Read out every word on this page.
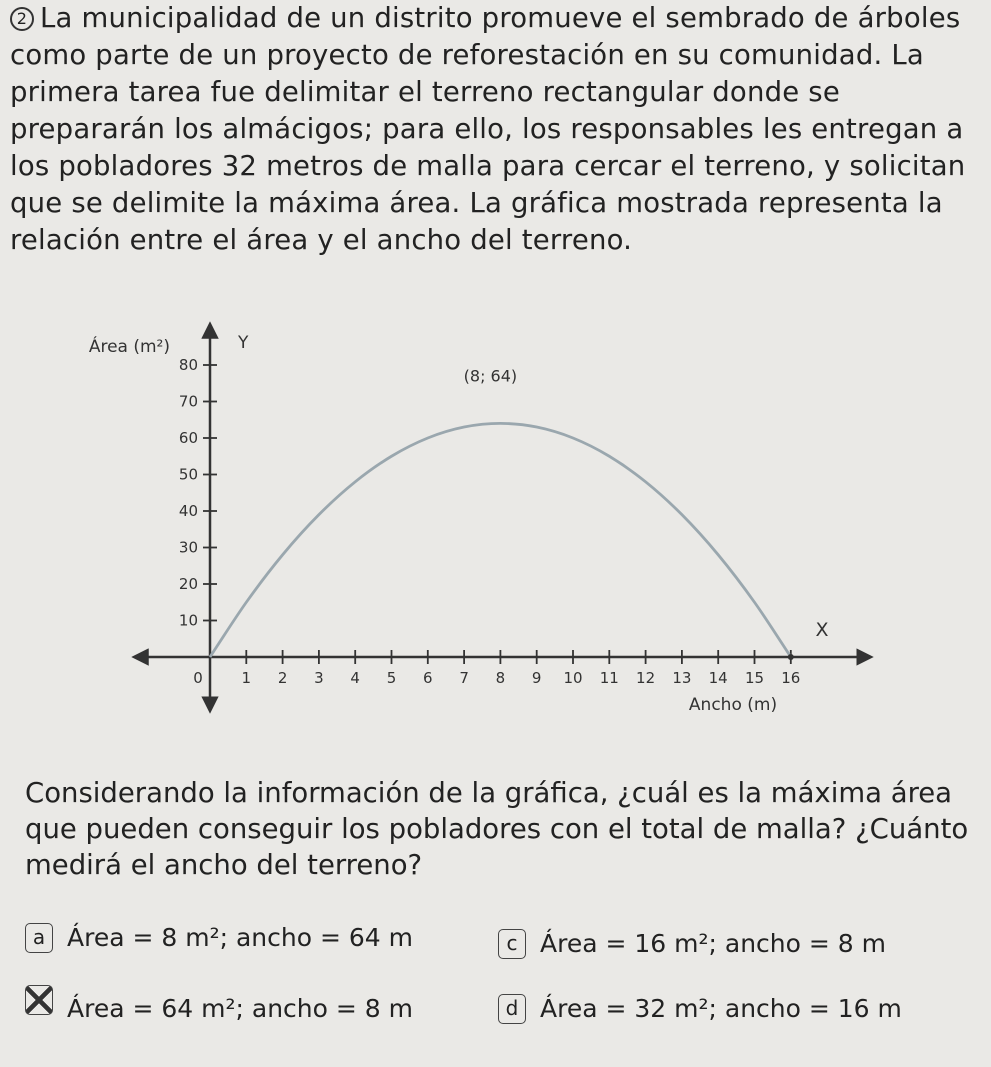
2 La municipalidad de un distrito promueve el sembrado de árboles como parte de un proyecto de reforestación en su comunidad. La primera tarea fue delimitar el terreno rectangular donde se prepararán los almácigos; para ello, los responsables les entregan a los pobladores 32 metros de malla para cercar el terreno, y solicitan que se delimite la máxima área. La gráfica mostrada representa la relación entre el área y el ancho del terreno.
0	1 2 3 4 5 6 7 8 9 10 11 12 13 14 15 16
10
20
30
40
50
60
70
80
(8; 64)
Área (m²)	Y
Ancho (m)
X
Considerando la información de la gráfica, ¿cuál es la máxima área que pueden conseguir los pobladores con el total de malla? ¿Cuánto medirá el ancho del terreno?
a Área = 8 m²; ancho = 64 m
Área = 64 m²; ancho = 8 m
c Área = 16 m²; ancho = 8 m
d Área = 32 m²; ancho = 16 m
